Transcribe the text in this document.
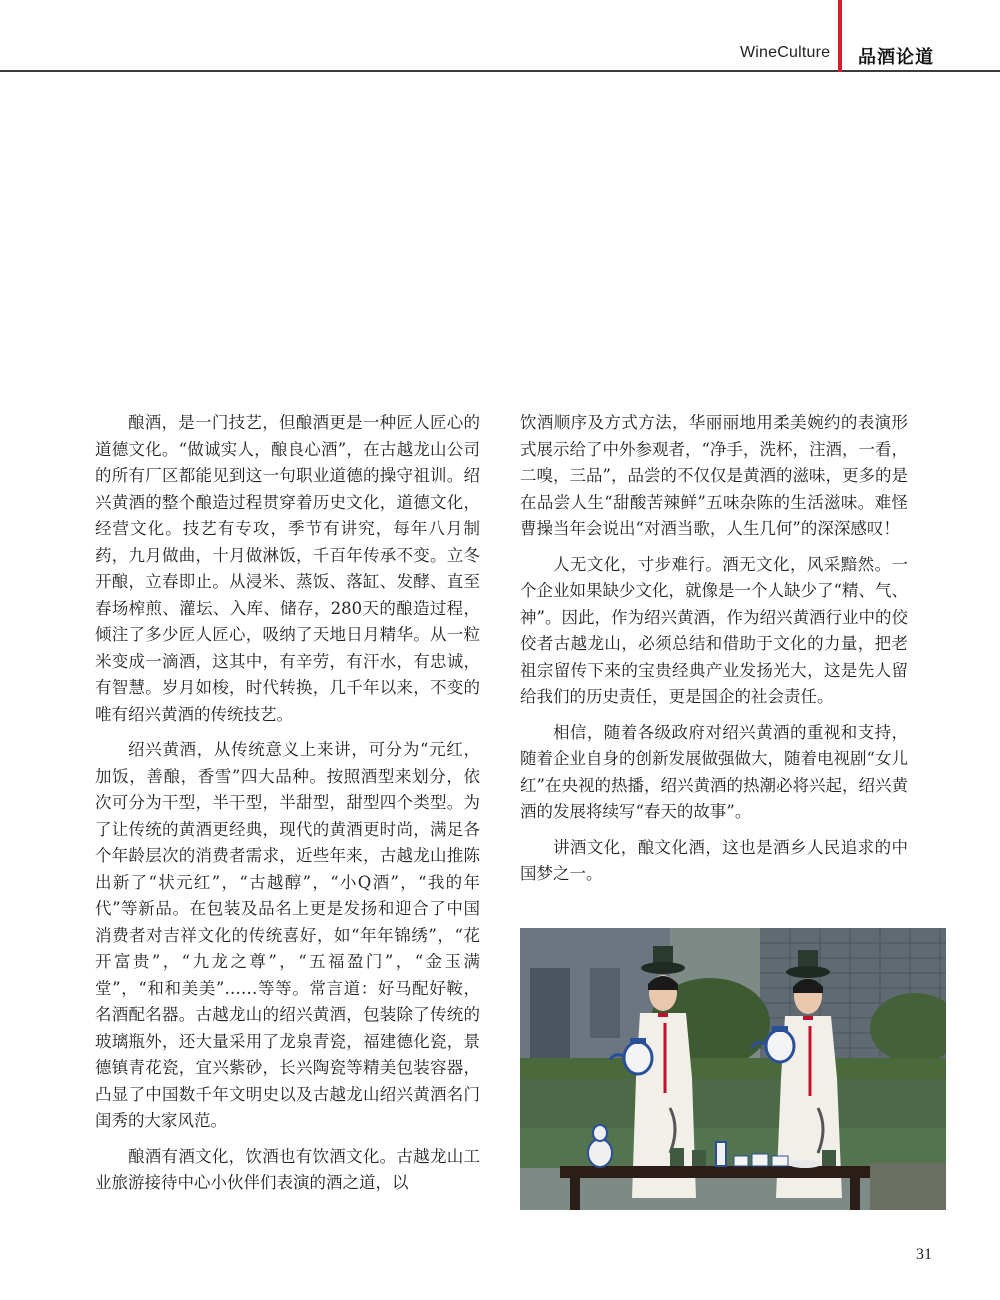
WineCulture 品酒论道

酿酒，是一门技艺，但酿酒更是一种匠人匠心的道德文化。“做诚实人，酿良心酒”，在古越龙山公司的所有厂区都能见到这一句职业道德的操守祖训。绍兴黄酒的整个酿造过程贯穿着历史文化，道德文化，经营文化。技艺有专攻，季节有讲究，每年八月制药，九月做曲，十月做淋饭，千百年传承不变。立冬开酿，立春即止。从浸米、蒸饭、落缸、发酵、直至春场榨煎、灌坛、入库、储存，280天的酿造过程，倾注了多少匠人匠心，吸纳了天地日月精华。从一粒米变成一滴酒，这其中，有辛劳，有汗水，有忠诚，有智慧。岁月如梭，时代转换，几千年以来，不变的唯有绍兴黄酒的传统技艺。

绍兴黄酒，从传统意义上来讲，可分为“元红，加饭，善酿，香雪”四大品种。按照酒型来划分，依次可分为干型，半干型，半甜型，甜型四个类型。为了让传统的黄酒更经典，现代的黄酒更时尚，满足各个年龄层次的消费者需求，近些年来，古越龙山推陈出新了“状元红”，“古越醇”，“小Q酒”，“我的年代”等新品。在包装及品名上更是发扬和迎合了中国消费者对吉祥文化的传统喜好，如“年年锦绣”，“花开富贵”，“九龙之尊”，“五福盈门”，“金玉满堂”，“和和美美”……等等。常言道：好马配好鞍，名酒配名器。古越龙山的绍兴黄酒，包装除了传统的玻璃瓶外，还大量采用了龙泉青瓷，福建德化瓷，景德镇青花瓷，宜兴紫砂，长兴陶瓷等精美包装容器，凸显了中国数千年文明史以及古越龙山绍兴黄酒名门闺秀的大家风范。

酿酒有酒文化，饮酒也有饮酒文化。古越龙山工业旅游接待中心小伙伴们表演的酒之道，以

饮酒顺序及方式方法，华丽丽地用柔美婉约的表演形式展示给了中外参观者，“净手，洗杯，注酒，一看，二嗅，三品”，品尝的不仅仅是黄酒的滋味，更多的是在品尝人生“甜酸苦辣鲜”五味杂陈的生活滋味。难怪曹操当年会说出“对酒当歌，人生几何”的深深感叹！

人无文化，寸步难行。酒无文化，风采黯然。一个企业如果缺少文化，就像是一个人缺少了“精、气、神”。因此，作为绍兴黄酒，作为绍兴黄酒行业中的佼佼者古越龙山，必须总结和借助于文化的力量，把老祖宗留传下来的宝贵经典产业发扬光大，这是先人留给我们的历史责任，更是国企的社会责任。

相信，随着各级政府对绍兴黄酒的重视和支持，随着企业自身的创新发展做强做大，随着电视剧“女儿红”在央视的热播，绍兴黄酒的热潮必将兴起，绍兴黄酒的发展将续写“春天的故事”。

讲酒文化，酿文化酒，这也是酒乡人民追求的中国梦之一。

31
